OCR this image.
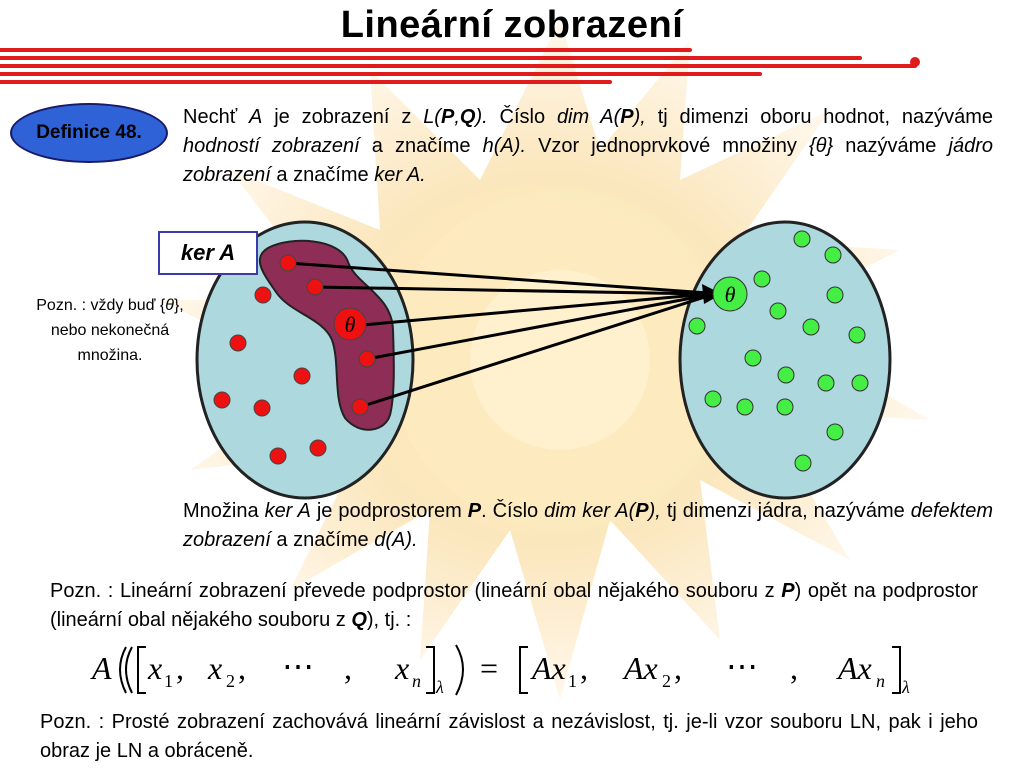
Lineární zobrazení
Definice 48.
Nechť A je zobrazení z L(P,Q). Číslo dim A(P), tj dimenzi oboru hodnot, nazýváme hodností zobrazení a značíme h(A). Vzor jednoprvkové množiny {θ} nazýváme jádro zobrazení a značíme ker A.
θ
θ
ker A
Pozn. : vždy buď {θ},
nebo nekonečná
množina.
Množina ker A je podprostorem P. Číslo dim ker A(P), tj dimenzi jádra, nazýváme defektem zobrazení a značíme d(A).
Pozn. : Lineární zobrazení převede podprostor (lineární obal nějakého souboru z P) opět na podprostor (lineární obal nějakého souboru z Q), tj. :
A x 1 , x 2 , ⋯ , x n λ
= Ax 1 , Ax 2 , ⋯ , Ax n λ
Pozn. : Prosté zobrazení zachovává lineární závislost a nezávislost, tj. je-li vzor souboru LN, pak i jeho obraz je LN a obráceně.
